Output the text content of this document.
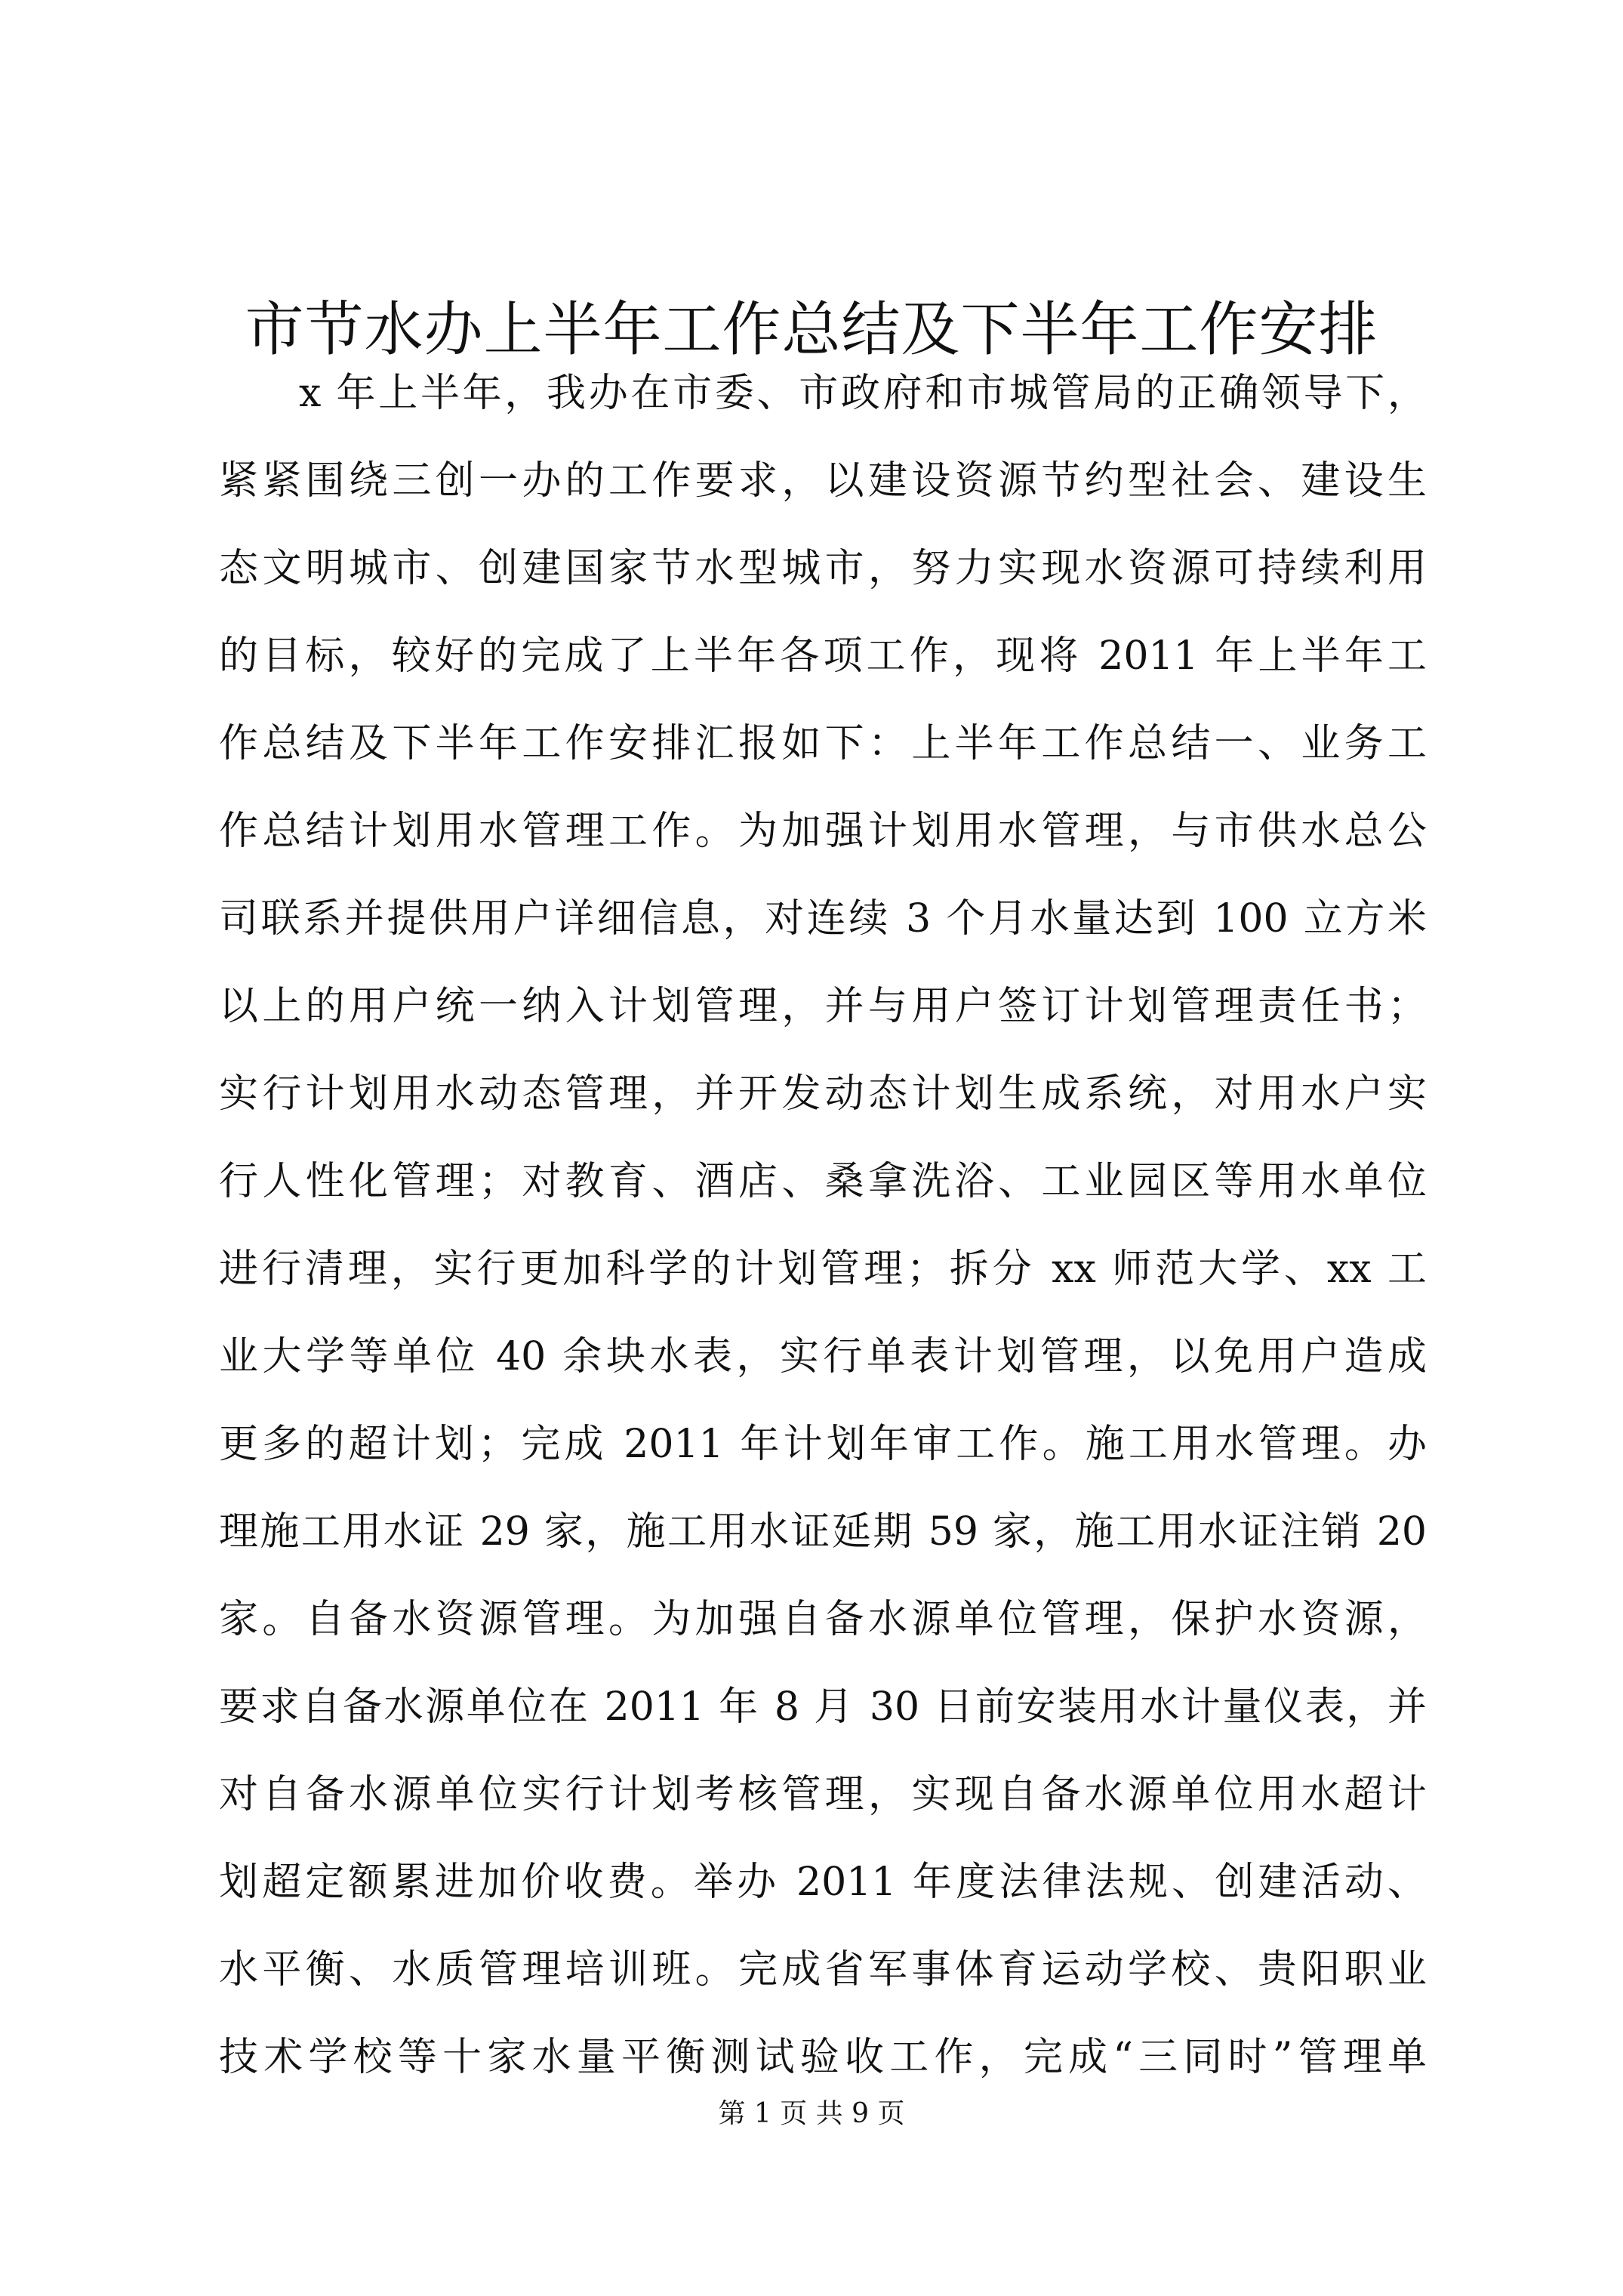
市节水办上半年工作总结及下半年工作安排
x 年上半年，我办在市委、市政府和市城管局的正确领导下，
紧紧围绕三创一办的工作要求，以建设资源节约型社会、建设生
态文明城市、创建国家节水型城市，努力实现水资源可持续利用
的目标，较好的完成了上半年各项工作，现将 2011 年上半年工
作总结及下半年工作安排汇报如下：上半年工作总结一、业务工
作总结计划用水管理工作。为加强计划用水管理，与市供水总公
司联系并提供用户详细信息，对连续 3 个月水量达到 100 立方米
以上的用户统一纳入计划管理，并与用户签订计划管理责任书；
实行计划用水动态管理，并开发动态计划生成系统，对用水户实
行人性化管理；对教育、酒店、桑拿洗浴、工业园区等用水单位
进行清理，实行更加科学的计划管理；拆分 xx 师范大学、xx 工
业大学等单位 40 余块水表，实行单表计划管理，以免用户造成
更多的超计划；完成 2011 年计划年审工作。施工用水管理。办
理施工用水证 29 家，施工用水证延期 59 家，施工用水证注销 20
家。自备水资源管理。为加强自备水源单位管理，保护水资源，
要求自备水源单位在 2011 年 8 月 30 日前安装用水计量仪表，并
对自备水源单位实行计划考核管理，实现自备水源单位用水超计
划超定额累进加价收费。举办 2011 年度法律法规、创建活动、
水平衡、水质管理培训班。完成省军事体育运动学校、贵阳职业
技术学校等十家水量平衡测试验收工作，完成“三同时”管理单
第 1 页 共 9 页
